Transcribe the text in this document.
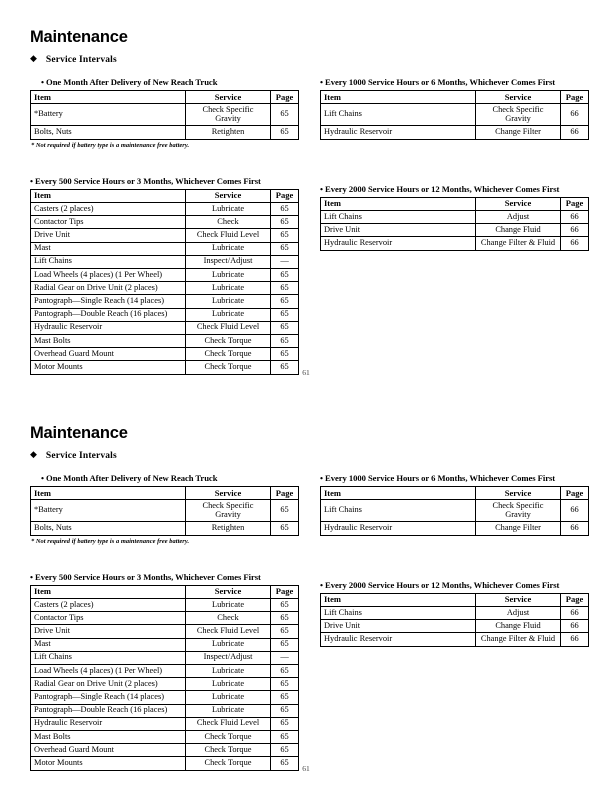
Maintenance
◆ Service Intervals
• One Month After Delivery of New Reach Truck
Item	Service	Page
*Battery	Check Specific Gravity	65
Bolts, Nuts	Retighten	65
* Not required if battery type is a maintenance free battery.
• Every 500 Service Hours or 3 Months, Whichever Comes First
Item	Service	Page
Casters (2 places)	Lubricate	65
Contactor Tips	Check	65
Drive Unit	Check Fluid Level	65
Mast	Lubricate	65
Lift Chains	Inspect/Adjust	—
Load Wheels (4 places) (1 Per Wheel)	Lubricate	65
Radial Gear on Drive Unit (2 places)	Lubricate	65
Pantograph—Single Reach (14 places)	Lubricate	65
Pantograph—Double Reach (16 places)	Lubricate	65
Hydraulic Reservoir	Check Fluid Level	65
Mast Bolts	Check Torque	65
Overhead Guard Mount	Check Torque	65
Motor Mounts	Check Torque	65
• Every 1000 Service Hours or 6 Months, Whichever Comes First
Item	Service	Page
Lift Chains	Check Specific Gravity	66
Hydraulic Reservoir	Change Filter	66
• Every 2000 Service Hours or 12 Months, Whichever Comes First
Item	Service	Page
Lift Chains	Adjust	66
Drive Unit	Change Fluid	66
Hydraulic Reservoir	Change Filter & Fluid	66
61
Maintenance
◆ Service Intervals
• One Month After Delivery of New Reach Truck
Item	Service	Page
*Battery	Check Specific Gravity	65
Bolts, Nuts	Retighten	65
* Not required if battery type is a maintenance free battery.
• Every 500 Service Hours or 3 Months, Whichever Comes First
Item	Service	Page
Casters (2 places)	Lubricate	65
Contactor Tips	Check	65
Drive Unit	Check Fluid Level	65
Mast	Lubricate	65
Lift Chains	Inspect/Adjust	—
Load Wheels (4 places) (1 Per Wheel)	Lubricate	65
Radial Gear on Drive Unit (2 places)	Lubricate	65
Pantograph—Single Reach (14 places)	Lubricate	65
Pantograph—Double Reach (16 places)	Lubricate	65
Hydraulic Reservoir	Check Fluid Level	65
Mast Bolts	Check Torque	65
Overhead Guard Mount	Check Torque	65
Motor Mounts	Check Torque	65
• Every 1000 Service Hours or 6 Months, Whichever Comes First
Item	Service	Page
Lift Chains	Check Specific Gravity	66
Hydraulic Reservoir	Change Filter	66
• Every 2000 Service Hours or 12 Months, Whichever Comes First
Item	Service	Page
Lift Chains	Adjust	66
Drive Unit	Change Fluid	66
Hydraulic Reservoir	Change Filter & Fluid	66
61
